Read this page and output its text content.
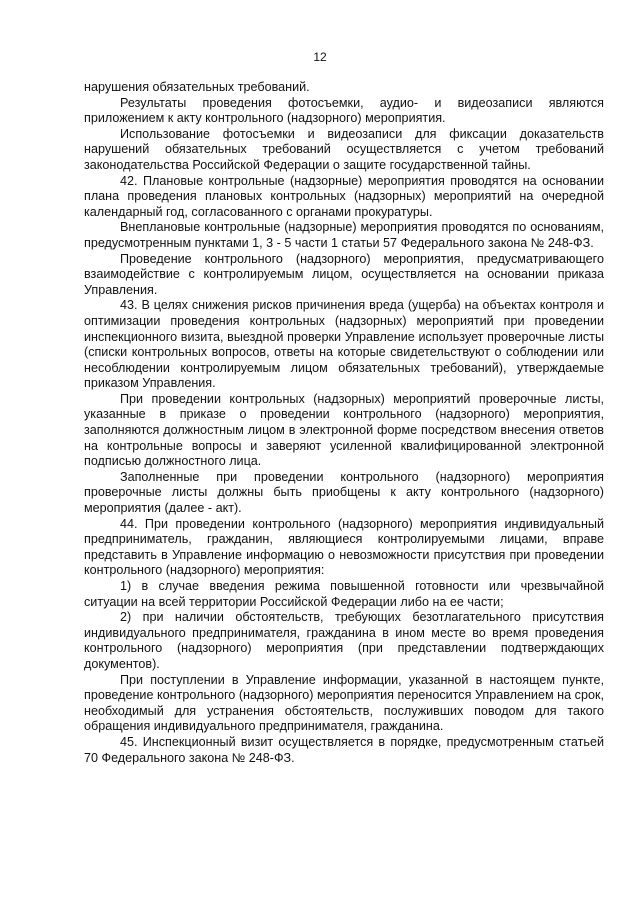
12

нарушения обязательных требований.

Результаты проведения фотосъемки, аудио- и видеозаписи являются приложением к акту контрольного (надзорного) мероприятия.

Использование фотосъемки и видеозаписи для фиксации доказательств нарушений обязательных требований осуществляется с учетом требований законодательства Российской Федерации о защите государственной тайны.

42. Плановые контрольные (надзорные) мероприятия проводятся на основании плана проведения плановых контрольных (надзорных) мероприятий на очередной календарный год, согласованного с органами прокуратуры.

Внеплановые контрольные (надзорные) мероприятия проводятся по основаниям, предусмотренным пунктами 1, 3 - 5 части 1 статьи 57 Федерального закона № 248-ФЗ.

Проведение контрольного (надзорного) мероприятия, предусматривающего взаимодействие с контролируемым лицом, осуществляется на основании приказа Управления.

43. В целях снижения рисков причинения вреда (ущерба) на объектах контроля и оптимизации проведения контрольных (надзорных) мероприятий при проведении инспекционного визита, выездной проверки Управление использует проверочные листы (списки контрольных вопросов, ответы на которые свидетельствуют о соблюдении или несоблюдении контролируемым лицом обязательных требований), утверждаемые приказом Управления.

При проведении контрольных (надзорных) мероприятий проверочные листы, указанные в приказе о проведении контрольного (надзорного) мероприятия, заполняются должностным лицом в электронной форме посредством внесения ответов на контрольные вопросы и заверяют усиленной квалифицированной электронной подписью должностного лица.

Заполненные при проведении контрольного (надзорного) мероприятия проверочные листы должны быть приобщены к акту контрольного (надзорного) мероприятия (далее - акт).

44. При проведении контрольного (надзорного) мероприятия индивидуальный предприниматель, гражданин, являющиеся контролируемыми лицами, вправе представить в Управление информацию о невозможности присутствия при проведении контрольного (надзорного) мероприятия:

1) в случае введения режима повышенной готовности или чрезвычайной ситуации на всей территории Российской Федерации либо на ее части;

2) при наличии обстоятельств, требующих безотлагательного присутствия индивидуального предпринимателя, гражданина в ином месте во время проведения контрольного (надзорного) мероприятия (при представлении подтверждающих документов).

При поступлении в Управление информации, указанной в настоящем пункте, проведение контрольного (надзорного) мероприятия переносится Управлением на срок, необходимый для устранения обстоятельств, послуживших поводом для такого обращения индивидуального предпринимателя, гражданина.

45. Инспекционный визит осуществляется в порядке, предусмотренным статьей 70 Федерального закона № 248-ФЗ.
